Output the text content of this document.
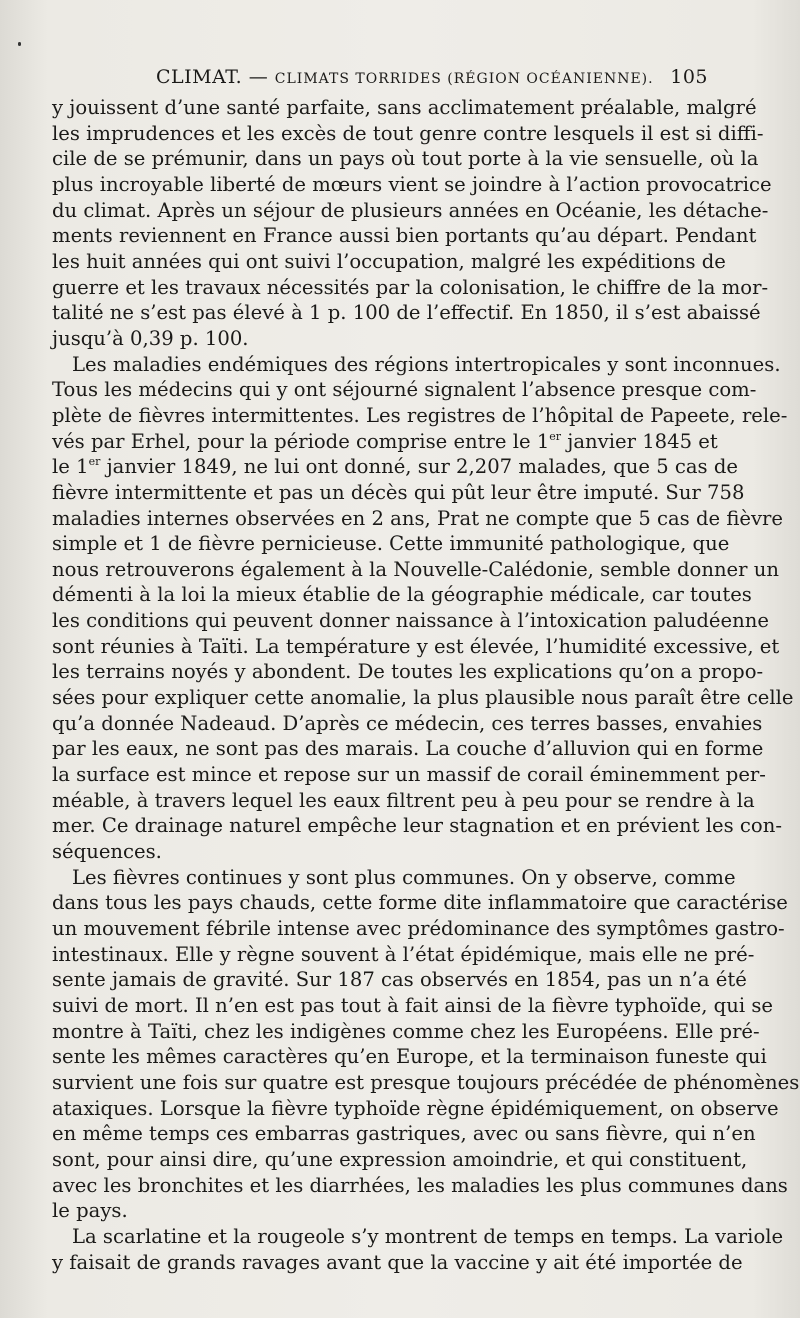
CLIMAT. — CLIMATS TORRIDES (RÉGION OCÉANIENNE). 105

y jouissent d’une santé parfaite, sans acclimatement préalable, malgré
les imprudences et les excès de tout genre contre lesquels il est si diffi-
cile de se prémunir, dans un pays où tout porte à la vie sensuelle, où la
plus incroyable liberté de mœurs vient se joindre à l’action provocatrice
du climat. Après un séjour de plusieurs années en Océanie, les détache-
ments reviennent en France aussi bien portants qu’au départ. Pendant
les huit années qui ont suivi l’occupation, malgré les expéditions de
guerre et les travaux nécessités par la colonisation, le chiffre de la mor-
talité ne s’est pas élevé à 1 p. 100 de l’effectif. En 1850, il s’est abaissé
jusqu’à 0,39 p. 100.

Les maladies endémiques des régions intertropicales y sont inconnues.
Tous les médecins qui y ont séjourné signalent l’absence presque com-
plète de fièvres intermittentes. Les registres de l’hôpital de Papeete, rele-
vés par Erhel, pour la période comprise entre le 1er janvier 1845 et
le 1er janvier 1849, ne lui ont donné, sur 2,207 malades, que 5 cas de
fièvre intermittente et pas un décès qui pût leur être imputé. Sur 758
maladies internes observées en 2 ans, Prat ne compte que 5 cas de fièvre
simple et 1 de fièvre pernicieuse. Cette immunité pathologique, que
nous retrouverons également à la Nouvelle-Calédonie, semble donner un
démenti à la loi la mieux établie de la géographie médicale, car toutes
les conditions qui peuvent donner naissance à l’intoxication paludéenne
sont réunies à Taïti. La température y est élevée, l’humidité excessive, et
les terrains noyés y abondent. De toutes les explications qu’on a propo-
sées pour expliquer cette anomalie, la plus plausible nous paraît être celle
qu’a donnée Nadeaud. D’après ce médecin, ces terres basses, envahies
par les eaux, ne sont pas des marais. La couche d’alluvion qui en forme
la surface est mince et repose sur un massif de corail éminemment per-
méable, à travers lequel les eaux filtrent peu à peu pour se rendre à la
mer. Ce drainage naturel empêche leur stagnation et en prévient les con-
séquences.

Les fièvres continues y sont plus communes. On y observe, comme
dans tous les pays chauds, cette forme dite inflammatoire que caractérise
un mouvement fébrile intense avec prédominance des symptômes gastro-
intestinaux. Elle y règne souvent à l’état épidémique, mais elle ne pré-
sente jamais de gravité. Sur 187 cas observés en 1854, pas un n’a été
suivi de mort. Il n’en est pas tout à fait ainsi de la fièvre typhoïde, qui se
montre à Taïti, chez les indigènes comme chez les Européens. Elle pré-
sente les mêmes caractères qu’en Europe, et la terminaison funeste qui
survient une fois sur quatre est presque toujours précédée de phénomènes
ataxiques. Lorsque la fièvre typhoïde règne épidémiquement, on observe
en même temps ces embarras gastriques, avec ou sans fièvre, qui n’en
sont, pour ainsi dire, qu’une expression amoindrie, et qui constituent,
avec les bronchites et les diarrhées, les maladies les plus communes dans
le pays.

La scarlatine et la rougeole s’y montrent de temps en temps. La variole
y faisait de grands ravages avant que la vaccine y ait été importée de
